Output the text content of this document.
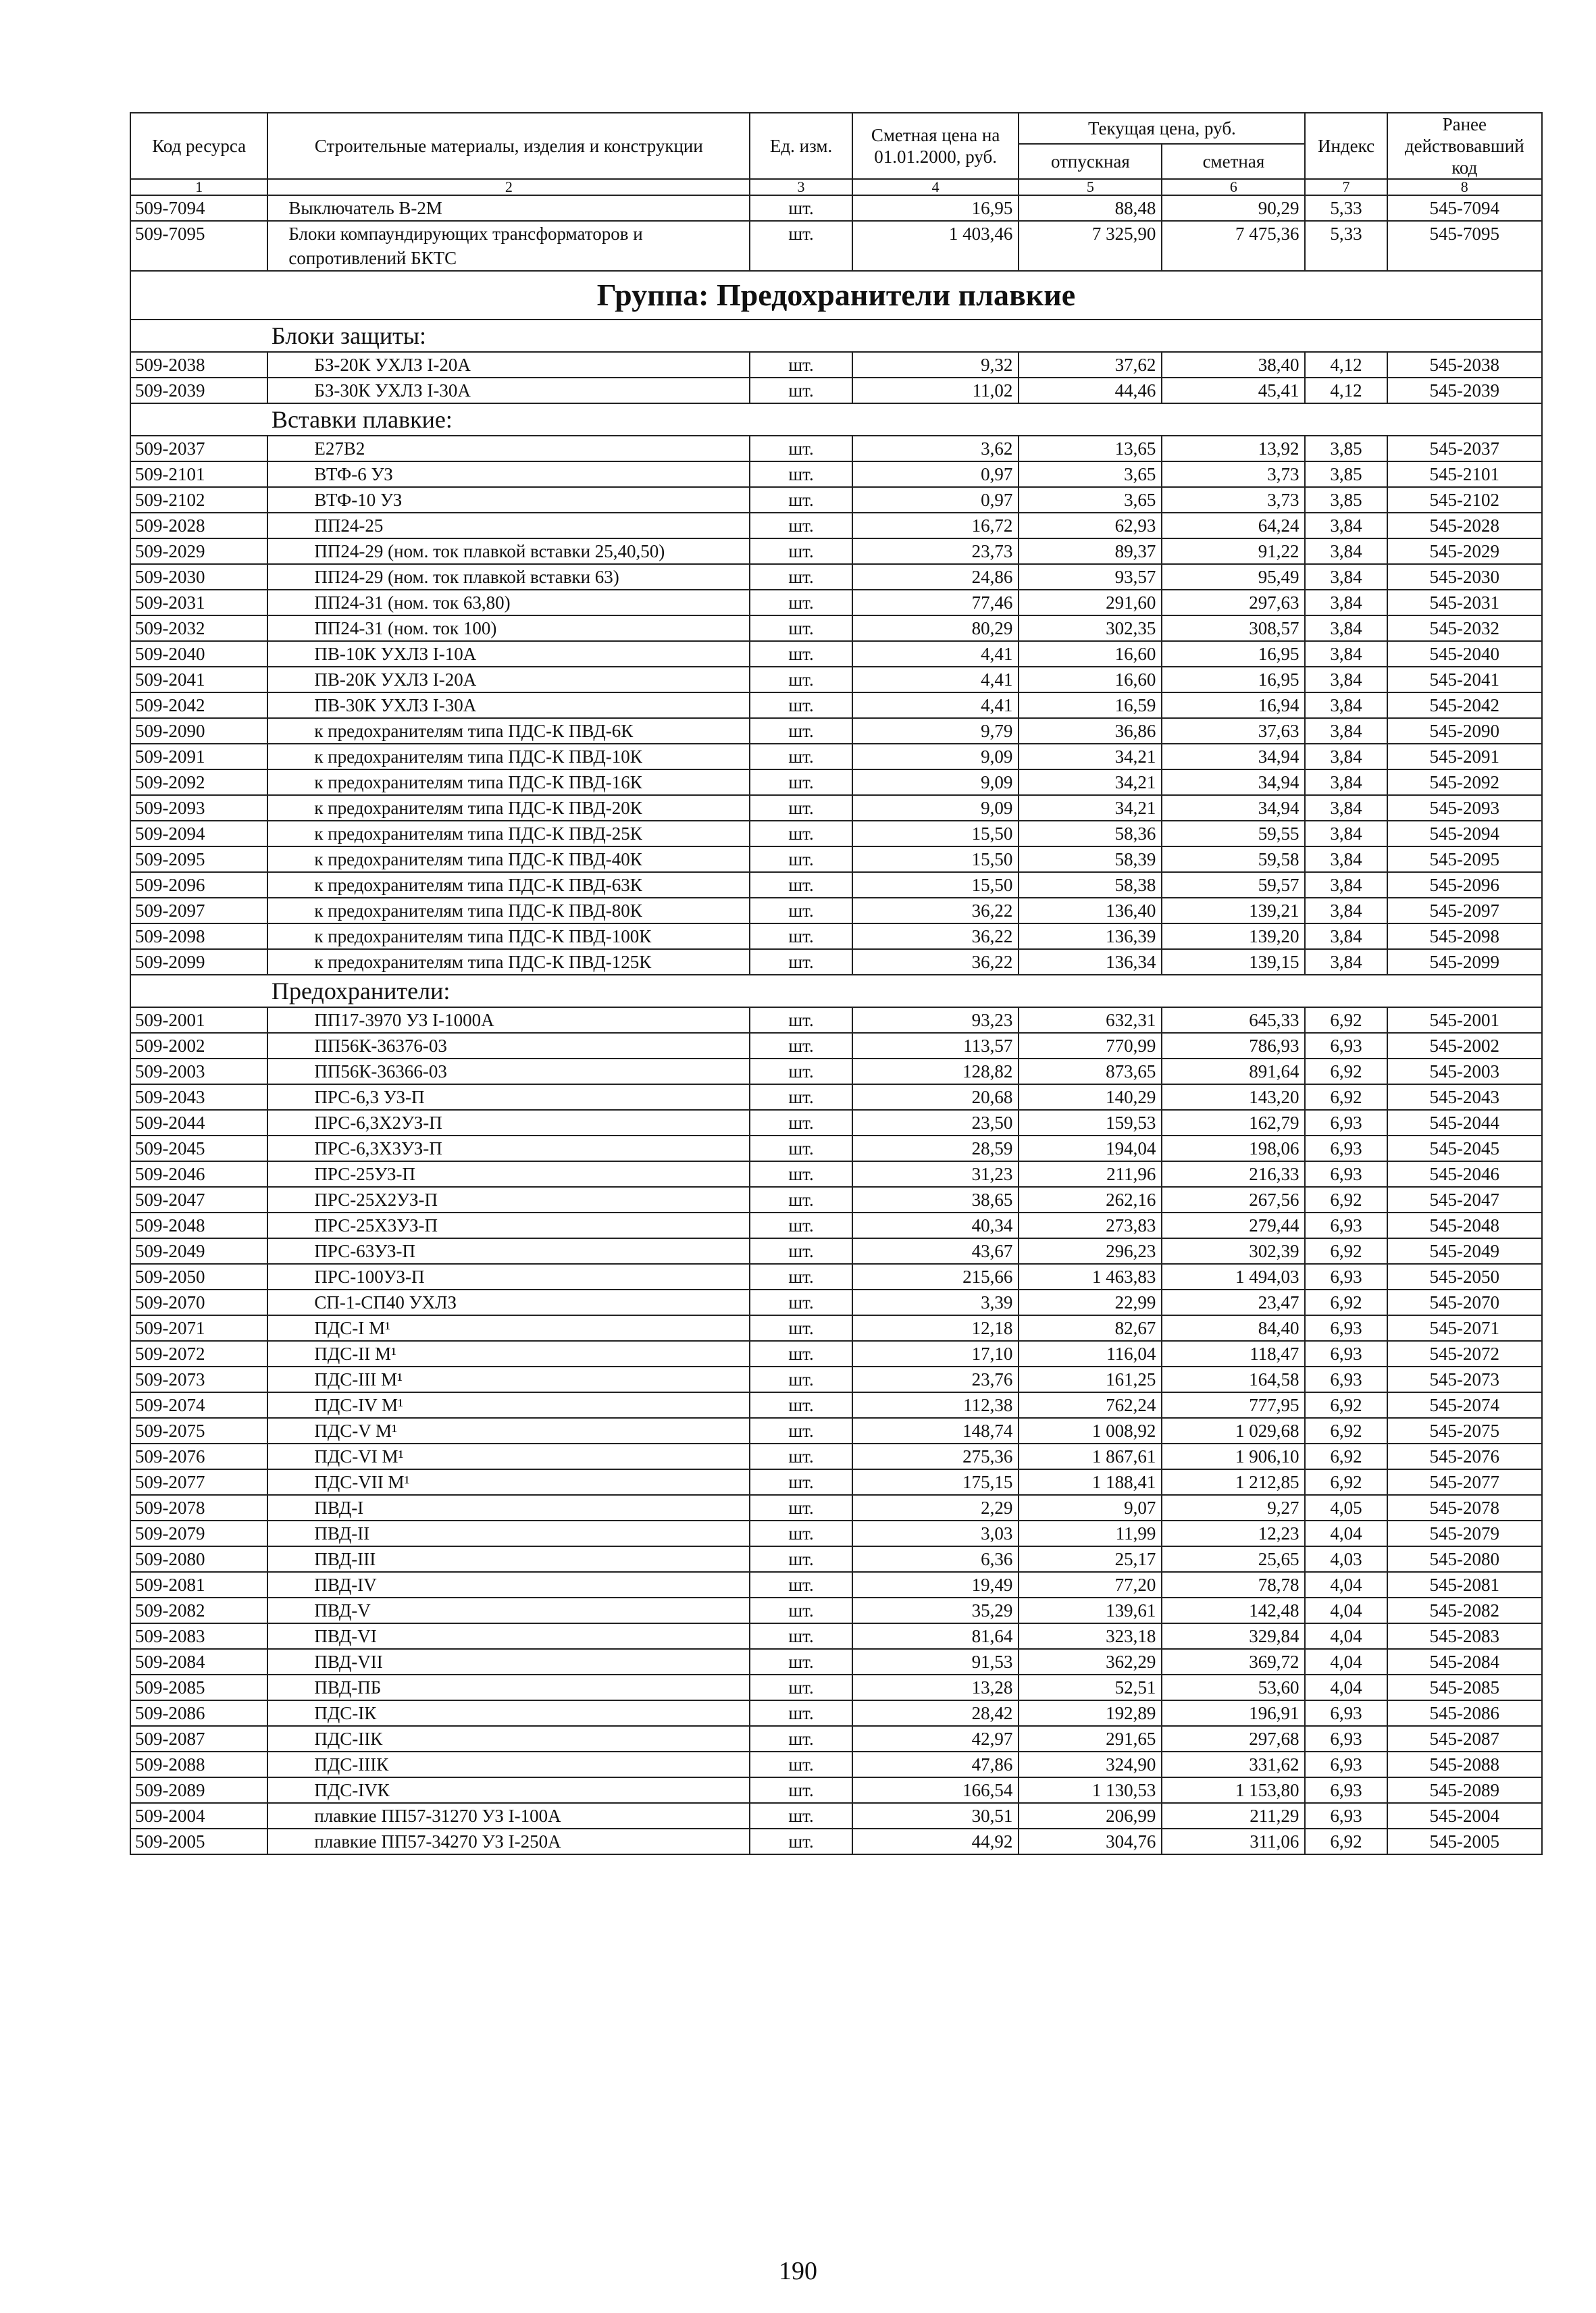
Код ресурса	Строительные материалы, изделия и конструкции	Ед. изм.	Сметная цена на 01.01.2000, руб.	Текущая цена, руб.		Индекс	Ранее действовавший код
				отпускная	сметная		
1	2	3	4	5	6	7	8
509-7094	Выключатель В-2М	шт.	16,95	88,48	90,29	5,33	545-7094
509-7095	Блоки компаундирующих трансформаторов и сопротивлений БКТС	шт.	1 403,46	7 325,90	7 475,36	5,33	545-7095
Группа: Предохранители плавкие							
Блоки защиты:							
509-2038	БЗ-20К УХЛЗ I-20А	шт.	9,32	37,62	38,40	4,12	545-2038
509-2039	БЗ-30К УХЛЗ I-30А	шт.	11,02	44,46	45,41	4,12	545-2039
Вставки плавкие:							
509-2037	Е27В2	шт.	3,62	13,65	13,92	3,85	545-2037
509-2101	ВТФ-6 УЗ	шт.	0,97	3,65	3,73	3,85	545-2101
509-2102	ВТФ-10 УЗ	шт.	0,97	3,65	3,73	3,85	545-2102
509-2028	ПП24-25	шт.	16,72	62,93	64,24	3,84	545-2028
509-2029	ПП24-29 (ном. ток плавкой вставки 25,40,50)	шт.	23,73	89,37	91,22	3,84	545-2029
509-2030	ПП24-29 (ном. ток плавкой вставки 63)	шт.	24,86	93,57	95,49	3,84	545-2030
509-2031	ПП24-31 (ном. ток 63,80)	шт.	77,46	291,60	297,63	3,84	545-2031
509-2032	ПП24-31 (ном. ток 100)	шт.	80,29	302,35	308,57	3,84	545-2032
509-2040	ПВ-10К УХЛЗ I-10А	шт.	4,41	16,60	16,95	3,84	545-2040
509-2041	ПВ-20К УХЛЗ I-20А	шт.	4,41	16,60	16,95	3,84	545-2041
509-2042	ПВ-30К УХЛЗ I-30А	шт.	4,41	16,59	16,94	3,84	545-2042
509-2090	к предохранителям типа ПДС-К ПВД-6К	шт.	9,79	36,86	37,63	3,84	545-2090
509-2091	к предохранителям типа ПДС-К ПВД-10К	шт.	9,09	34,21	34,94	3,84	545-2091
509-2092	к предохранителям типа ПДС-К ПВД-16К	шт.	9,09	34,21	34,94	3,84	545-2092
509-2093	к предохранителям типа ПДС-К ПВД-20К	шт.	9,09	34,21	34,94	3,84	545-2093
509-2094	к предохранителям типа ПДС-К ПВД-25К	шт.	15,50	58,36	59,55	3,84	545-2094
509-2095	к предохранителям типа ПДС-К ПВД-40К	шт.	15,50	58,39	59,58	3,84	545-2095
509-2096	к предохранителям типа ПДС-К ПВД-63К	шт.	15,50	58,38	59,57	3,84	545-2096
509-2097	к предохранителям типа ПДС-К ПВД-80К	шт.	36,22	136,40	139,21	3,84	545-2097
509-2098	к предохранителям типа ПДС-К ПВД-100К	шт.	36,22	136,39	139,20	3,84	545-2098
509-2099	к предохранителям типа ПДС-К ПВД-125К	шт.	36,22	136,34	139,15	3,84	545-2099
Предохранители:							
509-2001	ПП17-3970 УЗ I-1000А	шт.	93,23	632,31	645,33	6,92	545-2001
509-2002	ПП56К-36376-03	шт.	113,57	770,99	786,93	6,93	545-2002
509-2003	ПП56К-36366-03	шт.	128,82	873,65	891,64	6,92	545-2003
509-2043	ПРС-6,3 УЗ-П	шт.	20,68	140,29	143,20	6,92	545-2043
509-2044	ПРС-6,3Х2УЗ-П	шт.	23,50	159,53	162,79	6,93	545-2044
509-2045	ПРС-6,3Х3УЗ-П	шт.	28,59	194,04	198,06	6,93	545-2045
509-2046	ПРС-25УЗ-П	шт.	31,23	211,96	216,33	6,93	545-2046
509-2047	ПРС-25Х2УЗ-П	шт.	38,65	262,16	267,56	6,92	545-2047
509-2048	ПРС-25Х3УЗ-П	шт.	40,34	273,83	279,44	6,93	545-2048
509-2049	ПРС-63УЗ-П	шт.	43,67	296,23	302,39	6,92	545-2049
509-2050	ПРС-100УЗ-П	шт.	215,66	1 463,83	1 494,03	6,93	545-2050
509-2070	СП-1-СП40 УХЛЗ	шт.	3,39	22,99	23,47	6,92	545-2070
509-2071	ПДС-I М¹	шт.	12,18	82,67	84,40	6,93	545-2071
509-2072	ПДС-II М¹	шт.	17,10	116,04	118,47	6,93	545-2072
509-2073	ПДС-III М¹	шт.	23,76	161,25	164,58	6,93	545-2073
509-2074	ПДС-IV М¹	шт.	112,38	762,24	777,95	6,92	545-2074
509-2075	ПДС-V М¹	шт.	148,74	1 008,92	1 029,68	6,92	545-2075
509-2076	ПДС-VI М¹	шт.	275,36	1 867,61	1 906,10	6,92	545-2076
509-2077	ПДС-VII М¹	шт.	175,15	1 188,41	1 212,85	6,92	545-2077
509-2078	ПВД-I	шт.	2,29	9,07	9,27	4,05	545-2078
509-2079	ПВД-II	шт.	3,03	11,99	12,23	4,04	545-2079
509-2080	ПВД-III	шт.	6,36	25,17	25,65	4,03	545-2080
509-2081	ПВД-IV	шт.	19,49	77,20	78,78	4,04	545-2081
509-2082	ПВД-V	шт.	35,29	139,61	142,48	4,04	545-2082
509-2083	ПВД-VI	шт.	81,64	323,18	329,84	4,04	545-2083
509-2084	ПВД-VII	шт.	91,53	362,29	369,72	4,04	545-2084
509-2085	ПВД-ПБ	шт.	13,28	52,51	53,60	4,04	545-2085
509-2086	ПДС-IК	шт.	28,42	192,89	196,91	6,93	545-2086
509-2087	ПДС-IIК	шт.	42,97	291,65	297,68	6,93	545-2087
509-2088	ПДС-IIIК	шт.	47,86	324,90	331,62	6,93	545-2088
509-2089	ПДС-IVК	шт.	166,54	1 130,53	1 153,80	6,93	545-2089
509-2004	плавкие ПП57-31270 УЗ I-100А	шт.	30,51	206,99	211,29	6,93	545-2004
509-2005	плавкие ПП57-34270 УЗ I-250А	шт.	44,92	304,76	311,06	6,92	545-2005
190
